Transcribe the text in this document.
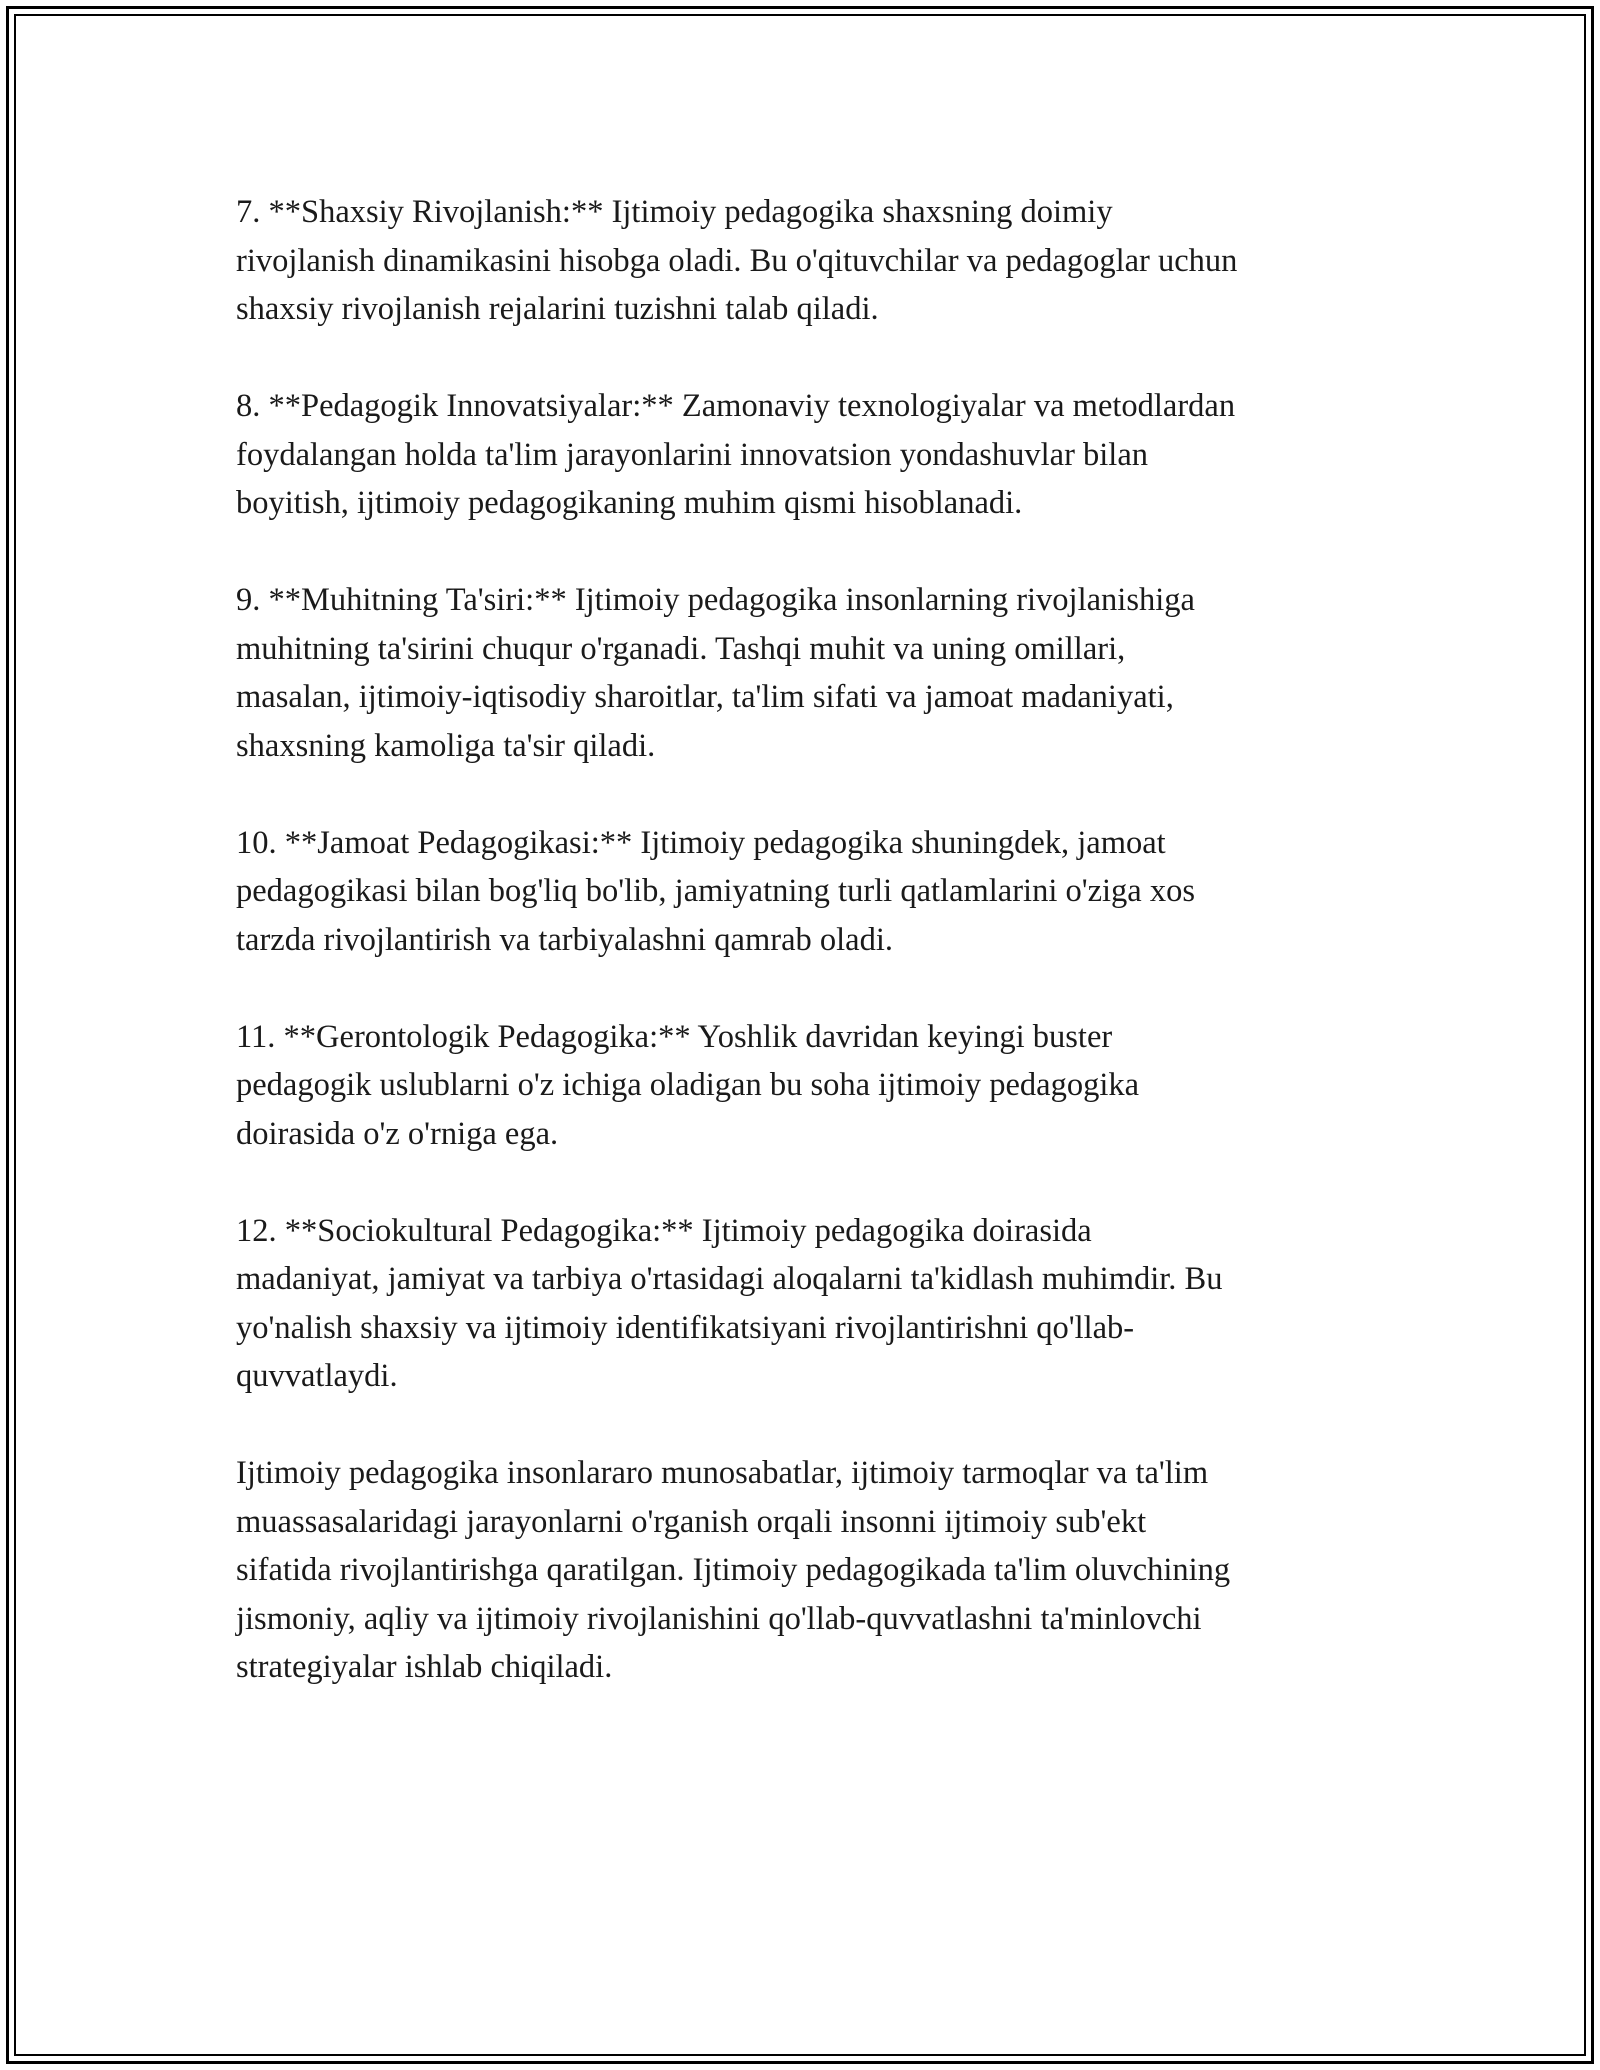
7. **Shaxsiy Rivojlanish:** Ijtimoiy pedagogika shaxsning doimiy
rivojlanish dinamikasini hisobga oladi. Bu o'qituvchilar va pedagoglar uchun
shaxsiy rivojlanish rejalarini tuzishni talab qiladi.

8. **Pedagogik Innovatsiyalar:** Zamonaviy texnologiyalar va metodlardan
foydalangan holda ta'lim jarayonlarini innovatsion yondashuvlar bilan
boyitish, ijtimoiy pedagogikaning muhim qismi hisoblanadi.

9. **Muhitning Ta'siri:** Ijtimoiy pedagogika insonlarning rivojlanishiga
muhitning ta'sirini chuqur o'rganadi. Tashqi muhit va uning omillari,
masalan, ijtimoiy-iqtisodiy sharoitlar, ta'lim sifati va jamoat madaniyati,
shaxsning kamoliga ta'sir qiladi.

10. **Jamoat Pedagogikasi:** Ijtimoiy pedagogika shuningdek, jamoat
pedagogikasi bilan bog'liq bo'lib, jamiyatning turli qatlamlarini o'ziga xos
tarzda rivojlantirish va tarbiyalashni qamrab oladi.

11. **Gerontologik Pedagogika:** Yoshlik davridan keyingi buster
pedagogik uslublarni o'z ichiga oladigan bu soha ijtimoiy pedagogika
doirasida o'z o'rniga ega.

12. **Sociokultural Pedagogika:** Ijtimoiy pedagogika doirasida
madaniyat, jamiyat va tarbiya o'rtasidagi aloqalarni ta'kidlash muhimdir. Bu
yo'nalish shaxsiy va ijtimoiy identifikatsiyani rivojlantirishni qo'llab-
quvvatlaydi.

Ijtimoiy pedagogika insonlararo munosabatlar, ijtimoiy tarmoqlar va ta'lim
muassasalaridagi jarayonlarni o'rganish orqali insonni ijtimoiy sub'ekt
sifatida rivojlantirishga qaratilgan. Ijtimoiy pedagogikada ta'lim oluvchining
jismoniy, aqliy va ijtimoiy rivojlanishini qo'llab-quvvatlashni ta'minlovchi
strategiyalar ishlab chiqiladi.
